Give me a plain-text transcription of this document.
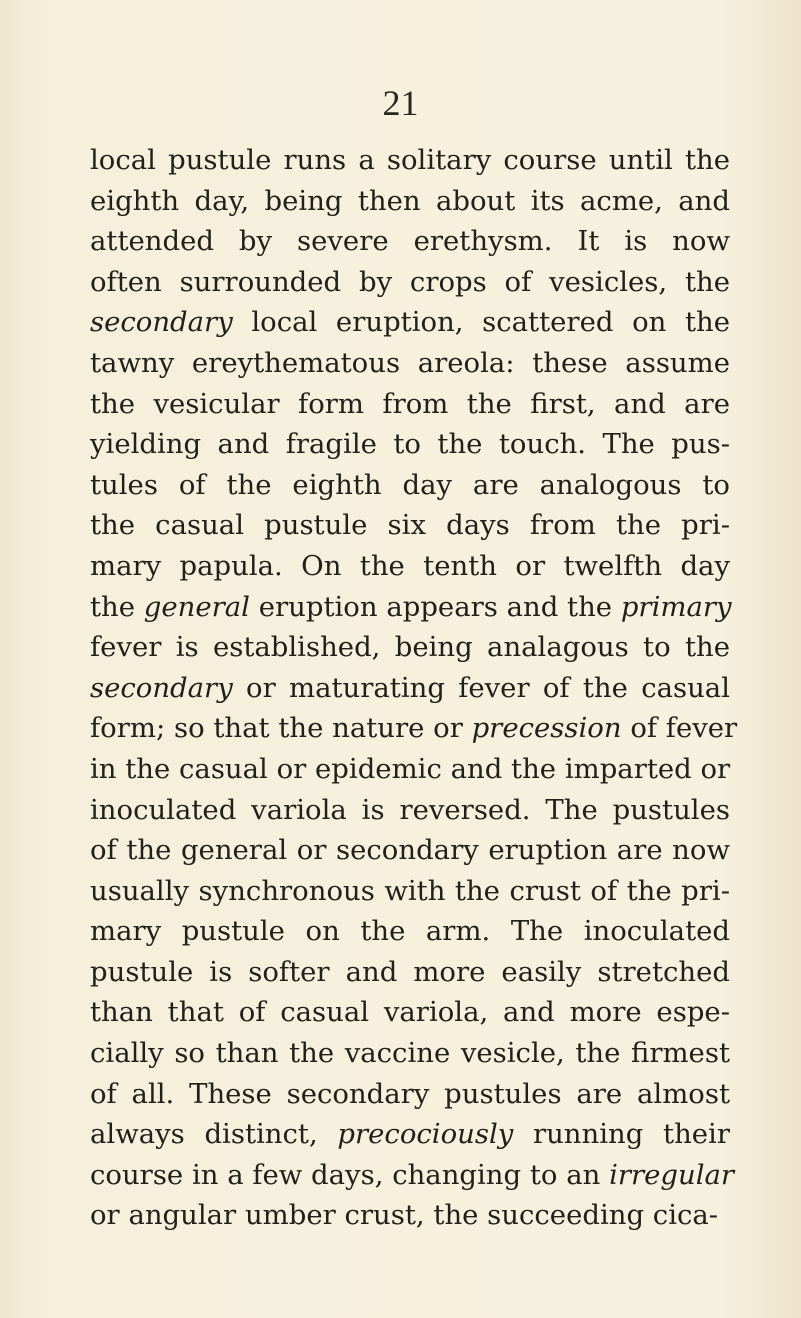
21
local pustule runs a solitary course until the
eighth day, being then about its acme, and
attended by severe erethysm. It is now
often surrounded by crops of vesicles, the
secondary local eruption, scattered on the
tawny ereythematous areola: these assume
the vesicular form from the first, and are
yielding and fragile to the touch. The pus-
tules of the eighth day are analogous to
the casual pustule six days from the pri-
mary papula. On the tenth or twelfth day
the general eruption appears and the primary
fever is established, being analagous to the
secondary or maturating fever of the casual
form; so that the nature or precession of fever
in the casual or epidemic and the imparted or
inoculated variola is reversed. The pustules
of the general or secondary eruption are now
usually synchronous with the crust of the pri-
mary pustule on the arm. The inoculated
pustule is softer and more easily stretched
than that of casual variola, and more espe-
cially so than the vaccine vesicle, the firmest
of all. These secondary pustules are almost
always distinct, precociously running their
course in a few days, changing to an irregular
or angular umber crust, the succeeding cica-
